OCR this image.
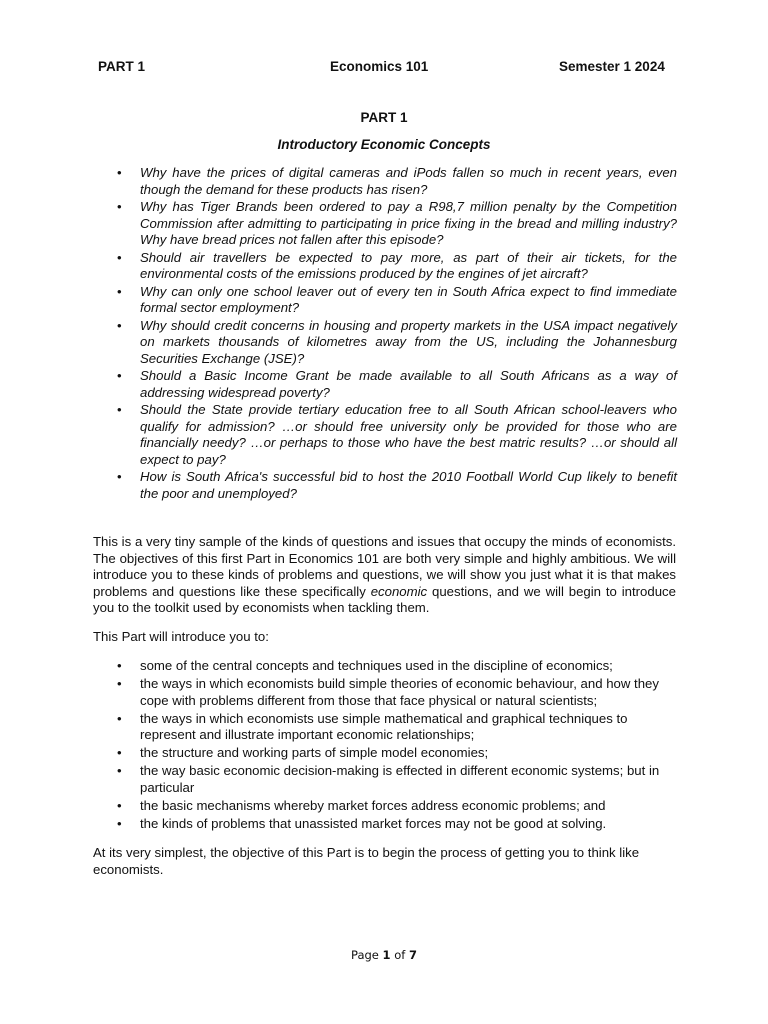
PART 1	Economics 101	Semester 1 2024
PART 1
Introductory Economic Concepts
• Why have the prices of digital cameras and iPods fallen so much in recent years, even though the demand for these products has risen?
• Why has Tiger Brands been ordered to pay a R98,7 million penalty by the Competition Commission after admitting to participating in price fixing in the bread and milling industry? Why have bread prices not fallen after this episode?
• Should air travellers be expected to pay more, as part of their air tickets, for the environmental costs of the emissions produced by the engines of jet aircraft?
• Why can only one school leaver out of every ten in South Africa expect to find immediate formal sector employment?
• Why should credit concerns in housing and property markets in the USA impact negatively on markets thousands of kilometres away from the US, including the Johannesburg Securities Exchange (JSE)?
• Should a Basic Income Grant be made available to all South Africans as a way of addressing widespread poverty?
• Should the State provide tertiary education free to all South African school-leavers who qualify for admission? …or should free university only be provided for those who are financially needy? …or perhaps to those who have the best matric results? …or should all expect to pay?
• How is South Africa's successful bid to host the 2010 Football World Cup likely to benefit the poor and unemployed?

This is a very tiny sample of the kinds of questions and issues that occupy the minds of economists. The objectives of this first Part in Economics 101 are both very simple and highly ambitious. We will introduce you to these kinds of problems and questions, we will show you just what it is that makes problems and questions like these specifically economic questions, and we will begin to introduce you to the toolkit used by economists when tackling them.

This Part will introduce you to:

• some of the central concepts and techniques used in the discipline of economics;
• the ways in which economists build simple theories of economic behaviour, and how they cope with problems different from those that face physical or natural scientists;
• the ways in which economists use simple mathematical and graphical techniques to represent and illustrate important economic relationships;
• the structure and working parts of simple model economies;
• the way basic economic decision-making is effected in different economic systems; but in particular
• the basic mechanisms whereby market forces address economic problems; and
• the kinds of problems that unassisted market forces may not be good at solving.

At its very simplest, the objective of this Part is to begin the process of getting you to think like economists.

Page 1 of 7
